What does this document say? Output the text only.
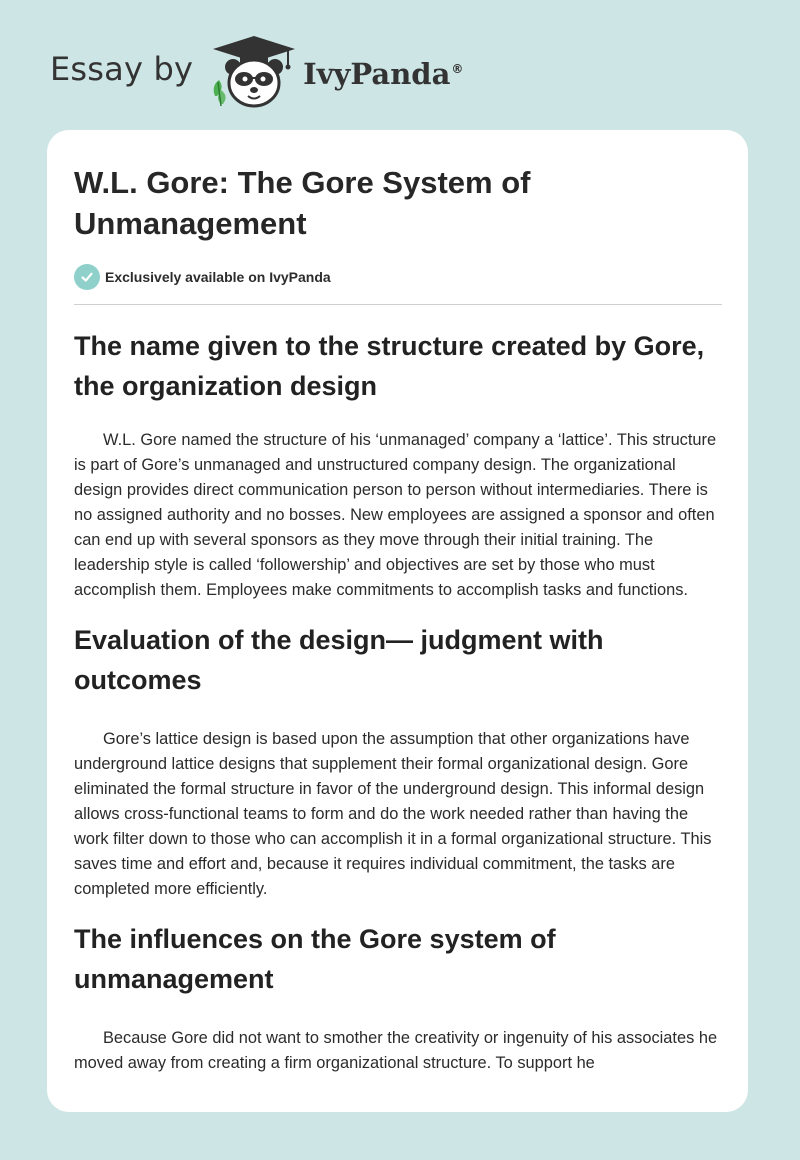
Essay by	IvyPanda®
W.L. Gore: The Gore System of Unmanagement
Exclusively available on IvyPanda
The name given to the structure created by Gore, the organization design

W.L. Gore named the structure of his ‘unmanaged’ company a ‘lattice’. This structure is part of Gore’s unmanaged and unstructured company design. The organizational design provides direct communication person to person without intermediaries. There is no assigned authority and no bosses. New employees are assigned a sponsor and often can end up with several sponsors as they move through their initial training. The leadership style is called ‘followership’ and objectives are set by those who must accomplish them. Employees make commitments to accomplish tasks and functions.

Evaluation of the design— judgment with outcomes

Gore’s lattice design is based upon the assumption that other organizations have underground lattice designs that supplement their formal organizational design. Gore eliminated the formal structure in favor of the underground design. This informal design allows cross-functional teams to form and do the work needed rather than having the work filter down to those who can accomplish it in a formal organizational structure. This saves time and effort and, because it requires individual commitment, the tasks are completed more efficiently.

The influences on the Gore system of unmanagement

Because Gore did not want to smother the creativity or ingenuity of his associates he moved away from creating a firm organizational structure. To support he
